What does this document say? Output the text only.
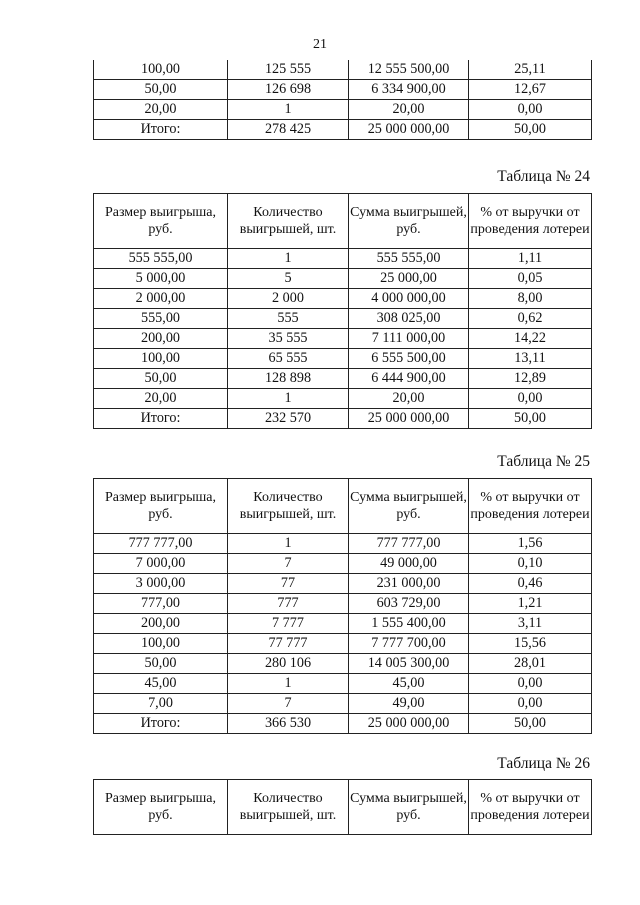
21
100,00	125 555	12 555 500,00	25,11
50,00	126 698	6 334 900,00	12,67
20,00	1	20,00	0,00
Итого:	278 425	25 000 000,00	50,00
Таблица № 24
Размер выигрыша, руб.	Количество выигрышей, шт.	Сумма выигрышей, руб.	% от выручки от проведения лотереи
555 555,00	1	555 555,00	1,11
5 000,00	5	25 000,00	0,05
2 000,00	2 000	4 000 000,00	8,00
555,00	555	308 025,00	0,62
200,00	35 555	7 111 000,00	14,22
100,00	65 555	6 555 500,00	13,11
50,00	128 898	6 444 900,00	12,89
20,00	1	20,00	0,00
Итого:	232 570	25 000 000,00	50,00
Таблица № 25
Размер выигрыша, руб.	Количество выигрышей, шт.	Сумма выигрышей, руб.	% от выручки от проведения лотереи
777 777,00	1	777 777,00	1,56
7 000,00	7	49 000,00	0,10
3 000,00	77	231 000,00	0,46
777,00	777	603 729,00	1,21
200,00	7 777	1 555 400,00	3,11
100,00	77 777	7 777 700,00	15,56
50,00	280 106	14 005 300,00	28,01
45,00	1	45,00	0,00
7,00	7	49,00	0,00
Итого:	366 530	25 000 000,00	50,00
Таблица № 26
Размер выигрыша, руб.	Количество выигрышей, шт.	Сумма выигрышей, руб.	% от выручки от проведения лотереи
